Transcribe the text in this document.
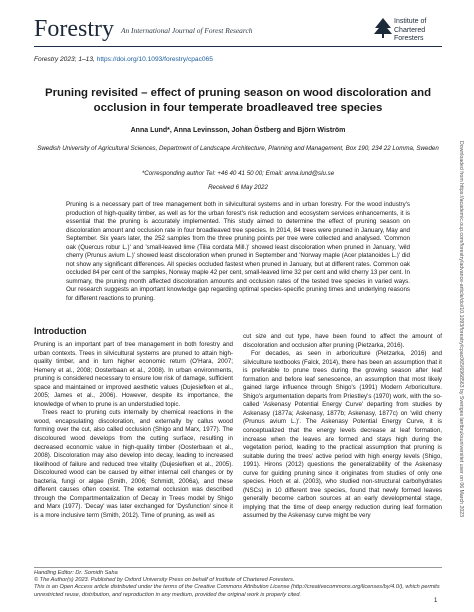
Forestry An International Journal of Forest Research
Institute of
Chartered Foresters
Forestry 2023; 1–13, https://doi.org/10.1093/forestry/cpac065
Pruning revisited – effect of pruning season on wood discoloration and occlusion in four temperate broadleaved tree species
Anna Lund*, Anna Levinsson, Johan Östberg and Björn Wiström
Swedish University of Agricultural Sciences, Department of Landscape Architecture, Planning and Management, Box 190, 234 22 Lomma, Sweden
*Corresponding author Tel: +46 40 41 50 00; Email: anna.lund@slu.se
Received 6 May 2022
Pruning is a necessary part of tree management both in silvicultural systems and in urban forestry. For the wood industry's production of high-quality timber, as well as for the urban forest's risk reduction and ecosystem services enhancements, it is essential that the pruning is accurately implemented. This study aimed to determine the effect of pruning season on discoloration amount and occlusion rate in four broadleaved tree species. In 2014, 84 trees were pruned in January, May and September. Six years later, the 252 samples from the three pruning points per tree were collected and analysed. 'Common oak (Quercus robur L.)' and 'small-leaved lime (Tilia cordata Mill.)' showed least discoloration when pruned in January, 'wild cherry (Prunus avium L.)' showed least discoloration when pruned in September and 'Norway maple (Acer platanoides L.)' did not show any significant differences. All species occluded fastest when pruned in January, but at different rates. Common oak occluded 84 per cent of the samples, Norway maple 42 per cent, small-leaved lime 32 per cent and wild cherry 13 per cent. In summary, the pruning month affected discoloration amounts and occlusion rates of the tested tree species in varied ways. Our research suggests an important knowledge gap regarding optimal species-specific pruning times and underlying reasons for different reactions to pruning.
Introduction

Pruning is an important part of tree management in both forestry and urban contexts. Trees in silvicultural systems are pruned to attain high-quality timber, and in turn higher economic return (O'Hara, 2007; Hemery et al., 2008; Oosterbaan et al., 2008). In urban environments, pruning is considered necessary to ensure low risk of damage, sufficient space and maintained or improved aesthetic values (Dujesiefken et al., 2005; James et al., 2006). However, despite its importance, the knowledge of when to prune is an understudied topic.

Trees react to pruning cuts internally by chemical reactions in the wood, encapsulating discoloration, and externally by callus wood forming over the cut, also called occlusion (Shigo and Marx, 1977). The discoloured wood develops from the cutting surface, resulting in decreased economic value in high-quality timber (Oosterbaan et al., 2008). Discoloration may also develop into decay, leading to increased likelihood of failure and reduced tree vitality (Dujesiefken et al., 2005). Discoloured wood can be caused by either internal cell changes or by bacteria, fungi or algae (Smith, 2006; Schmidt, 2006a), and these different causes often coexist. The external occlusion was described through the Compartmentalization of Decay in Trees model by Shigo and Marx (1977). 'Decay' was later exchanged for 'Dysfunction' since it is a more inclusive term (Smith, 2012). Time of pruning, as well as

cut size and cut type, have been found to affect the amount of discoloration and occlusion after pruning (Pietzarka, 2016).

For decades, as seen in arboriculture (Pietzarka, 2016) and silviculture textbooks (Falck, 2014), there has been an assumption that it is preferable to prune trees during the growing season after leaf formation and before leaf senescence, an assumption that most likely gained large influence through Shigo's (1991) Modern Arboriculture. Shigo's argumentation departs from Priestley's (1970) work, with the so-called 'Askenasy Potential Energy Curve' departing from studies by Askenasy (1877a; Askenasy, 1877b; Askenasy, 1877c) on 'wild cherry (Prunus avium L.)'. The Askenasy Potential Energy Curve, it is conceptualized that the energy levels decrease at leaf formation, increase when the leaves are formed and stays high during the vegetation period, leading to the practical assumption that pruning is suitable during the trees' active period with high energy levels (Shigo, 1991). Hirons (2012) questions the generalizability of the Askenasy curve for guiding pruning since it originates from studies of only one species. Hoch et al. (2003), who studied non-structural carbohydrates (NSCs) in 10 different tree species, found that newly formed leaves generally become carbon sources at an early developmental stage, implying that the time of deep energy reduction during leaf formation assumed by the Askenasy curve might be very

Handling Editor: Dr. Somidh Saha
© The Author(s) 2023. Published by Oxford University Press on behalf of Institute of Chartered Foresters.
This is an Open Access article distributed under the terms of the Creative Commons Attribution License (http://creativecommons.org/licenses/by/4.0/), which permits unrestricted reuse, distribution, and reproduction in any medium, provided the original work is properly cited.
1
Downloaded from https://academic.oup.com/forestry/advance-article/doi/10.1093/forestry/cpac065/6968563 by Sveriges lantbruksuniversitet user on 06 March 2023
